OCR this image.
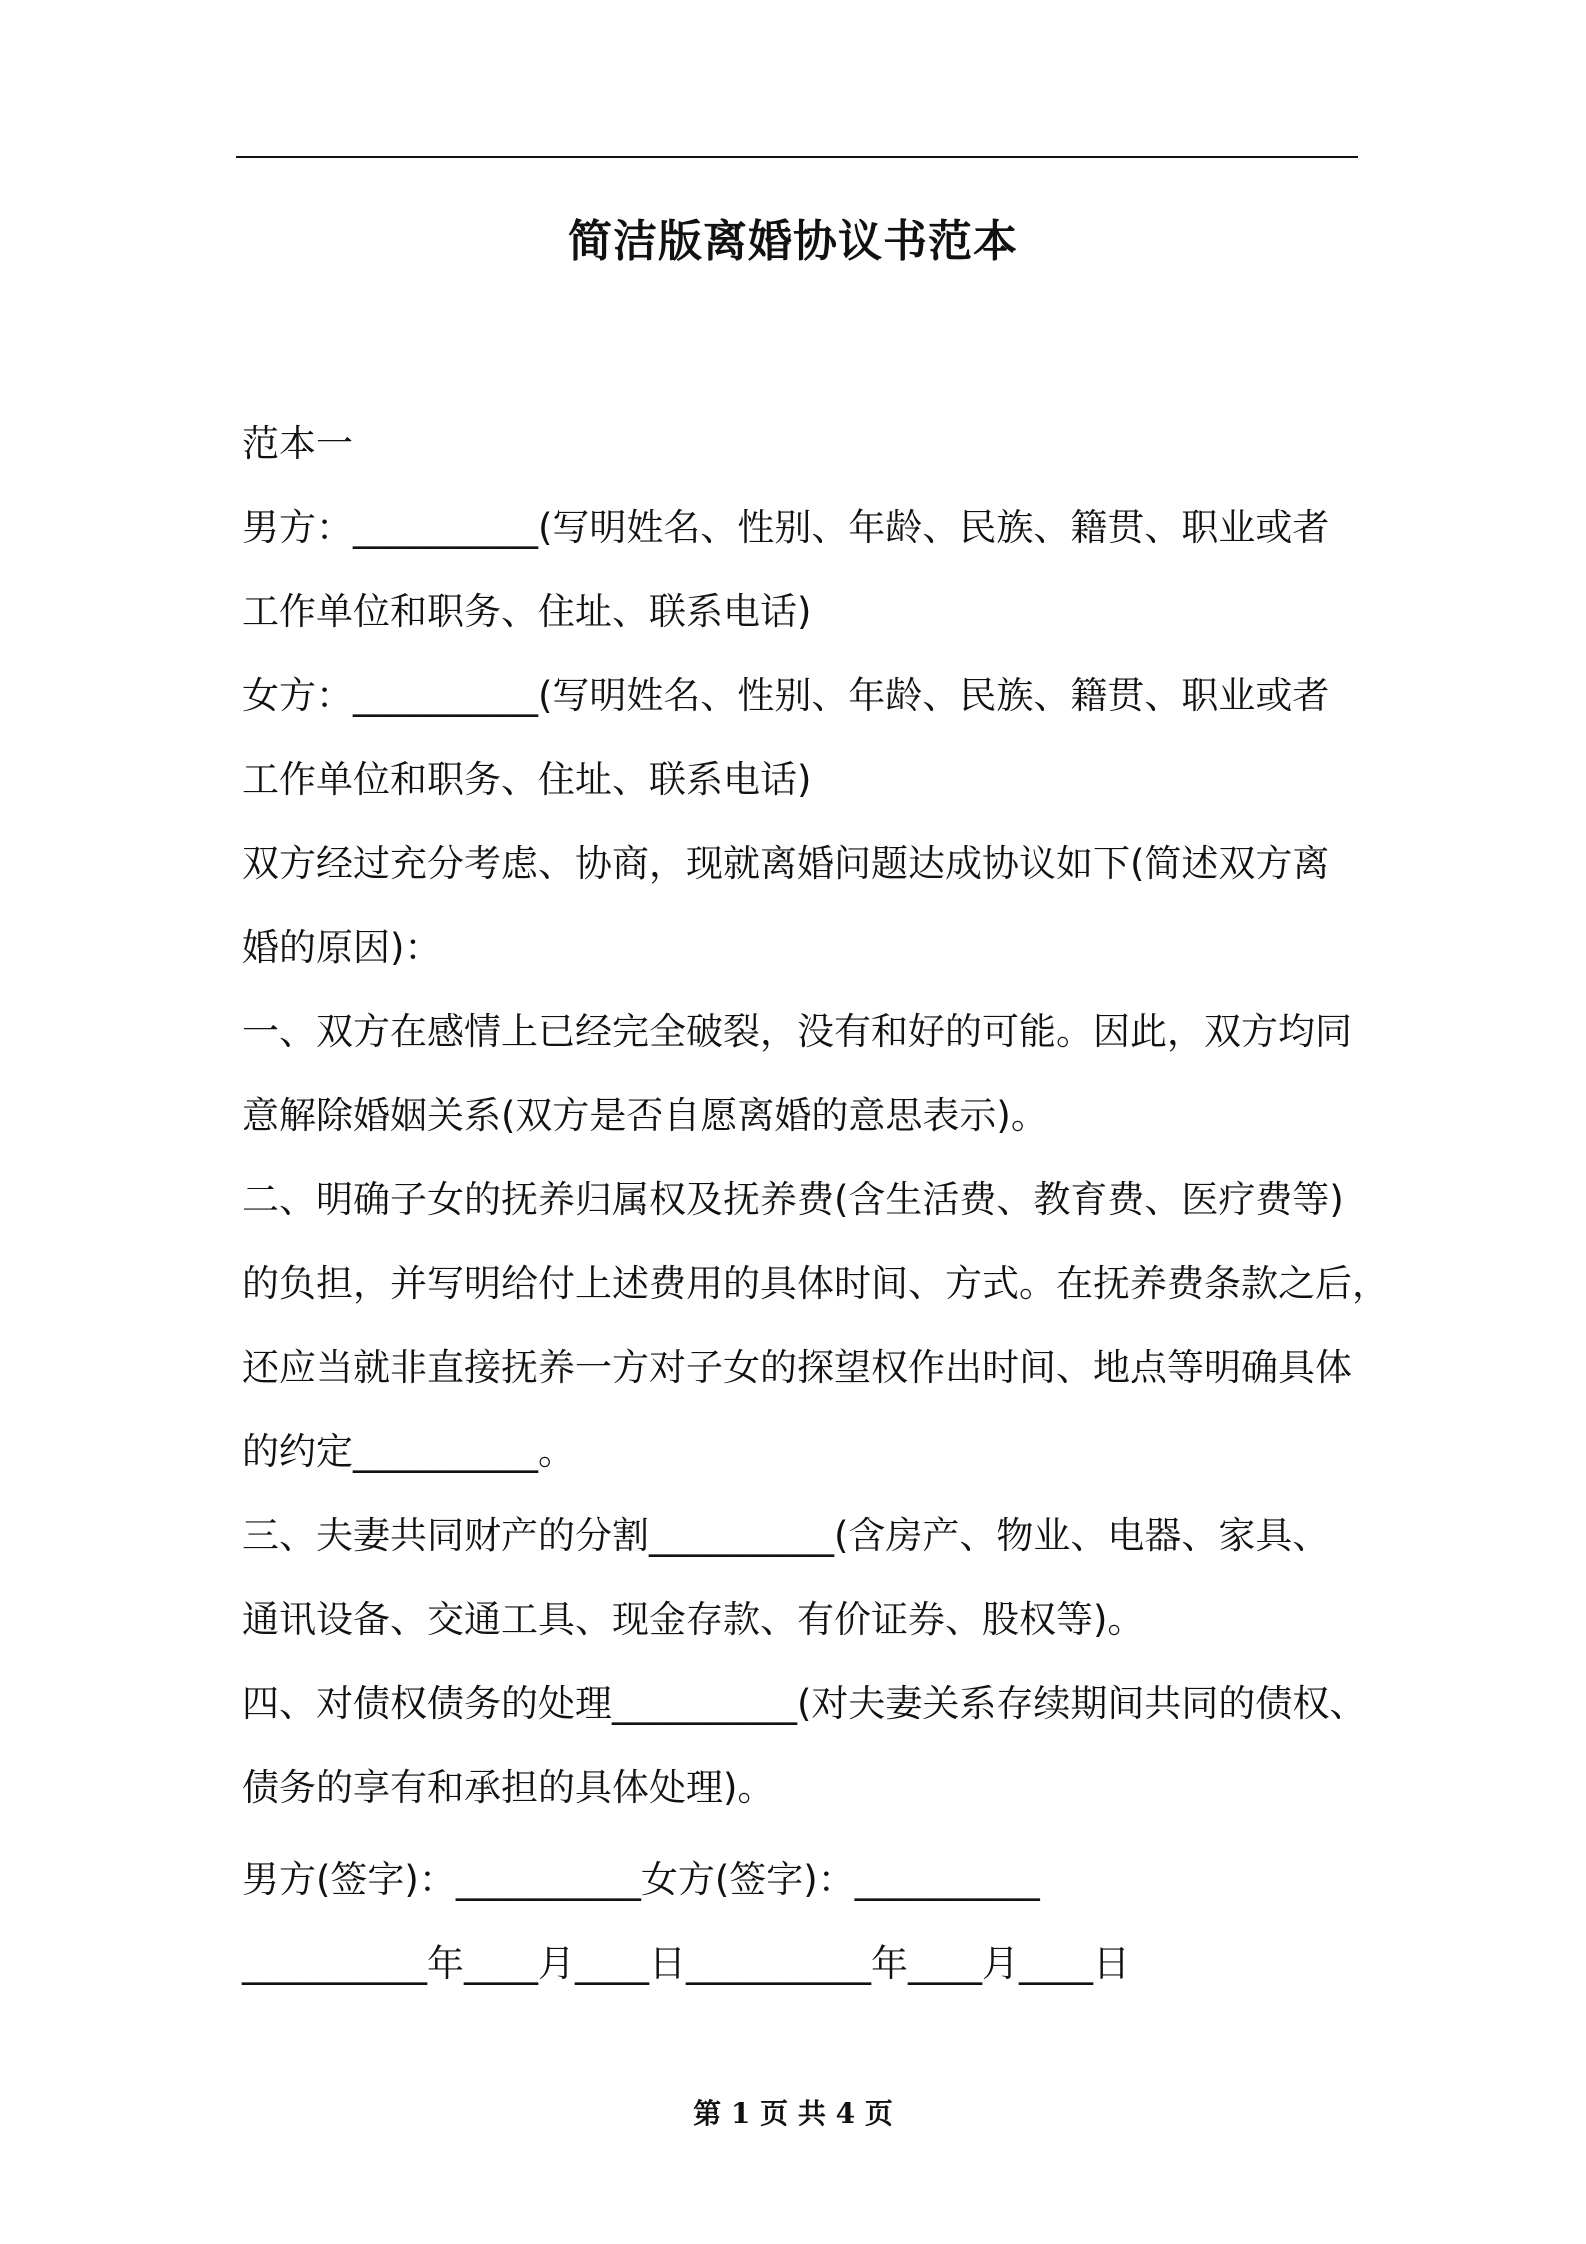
简洁版离婚协议书范本

范本一

男方：__________(写明姓名、性别、年龄、民族、籍贯、职业或者

工作单位和职务、住址、联系电话)

女方：__________(写明姓名、性别、年龄、民族、籍贯、职业或者

工作单位和职务、住址、联系电话)

双方经过充分考虑、协商，现就离婚问题达成协议如下(简述双方离

婚的原因)：

一、双方在感情上已经完全破裂，没有和好的可能。因此，双方均同

意解除婚姻关系(双方是否自愿离婚的意思表示)。

二、明确子女的抚养归属权及抚养费(含生活费、教育费、医疗费等)

的负担，并写明给付上述费用的具体时间、方式。在抚养费条款之后，

还应当就非直接抚养一方对子女的探望权作出时间、地点等明确具体

的约定__________。

三、夫妻共同财产的分割__________(含房产、物业、电器、家具、

通讯设备、交通工具、现金存款、有价证券、股权等)。

四、对债权债务的处理__________(对夫妻关系存续期间共同的债权、

债务的享有和承担的具体处理)。

男方(签字)：__________女方(签字)：__________

__________年____月____日__________年____月____日

第 1 页 共 4 页
